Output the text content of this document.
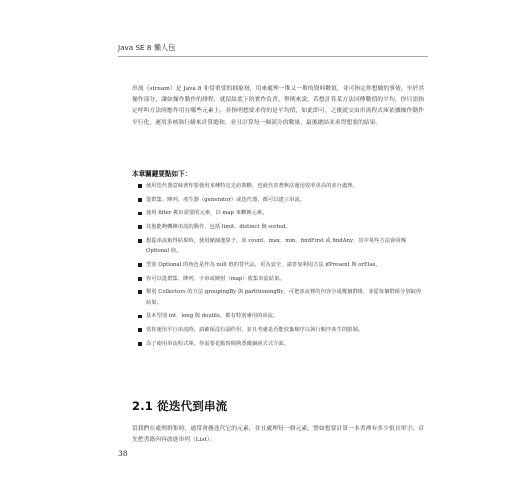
Java SE 8 懶人包

串流（stream）是 Java 8 非常重要的抽象層，用來處理一堆又一堆的資料數值，並可指定你想做的事情，至於其操作部分，讓如操作動作的排程，就留給底下的實作負責。舉例來說，若想計算某方法回傳數值的平均，你只需指定呼叫方法時應作用在哪些元素上，並指明想要求得的是平均值，如此即可。之後就交由串流程式庫依據操作動作平行化，運用多核執行緒來計算總和，並且計算每一個部分的數量，最後總結並求得想要的結果。

本章關鍵要點如下：
使用迭代器意味著你要使用某種特定走訪策略，也就代表著無法運用效率更高的並行處理。
從群集、陣列、產生器（generator）或迭代器，都可以建立串流。
使用 filter 挑出需要的元素，以 map 來轉換元素。
其他能夠轉換串流的動作，包括 limit、distinct 與 sorted。
想從串流取得結果時，使用縮減運算子，如 count、max、min、findFirst 或 findAny，其中某些方法會回傳 Optional 值。
型別 Optional 的角色是作為 null 值的替代品，更為安全，請善加利用方法 ifPresent 與 orElse。
你可以從群集、陣列、字串或映射（map）收集串流結果。
類別 Collectors 的方法 groupingBy 與 partitioningBy，可把串流裡的內容分成幾個群組，並從每個群組分別取得結果。
基本型別 int、long 與 double，都有特別專用的串流。
當你運用平行串流時，請確保沒有副作用，並且考慮是否能放棄順序以執行順序產生的限制。
為了使用串流程式庫，你需要花點時間熟悉幾個函式式介面。
2.1 從迭代到串流

當我們在處理群集時，通常會疊迭代它的元素，並且處理每一個元素。譬如想要計算一本書裡有多少很長單字。首先把書籍內容放進串列（List）：

38
